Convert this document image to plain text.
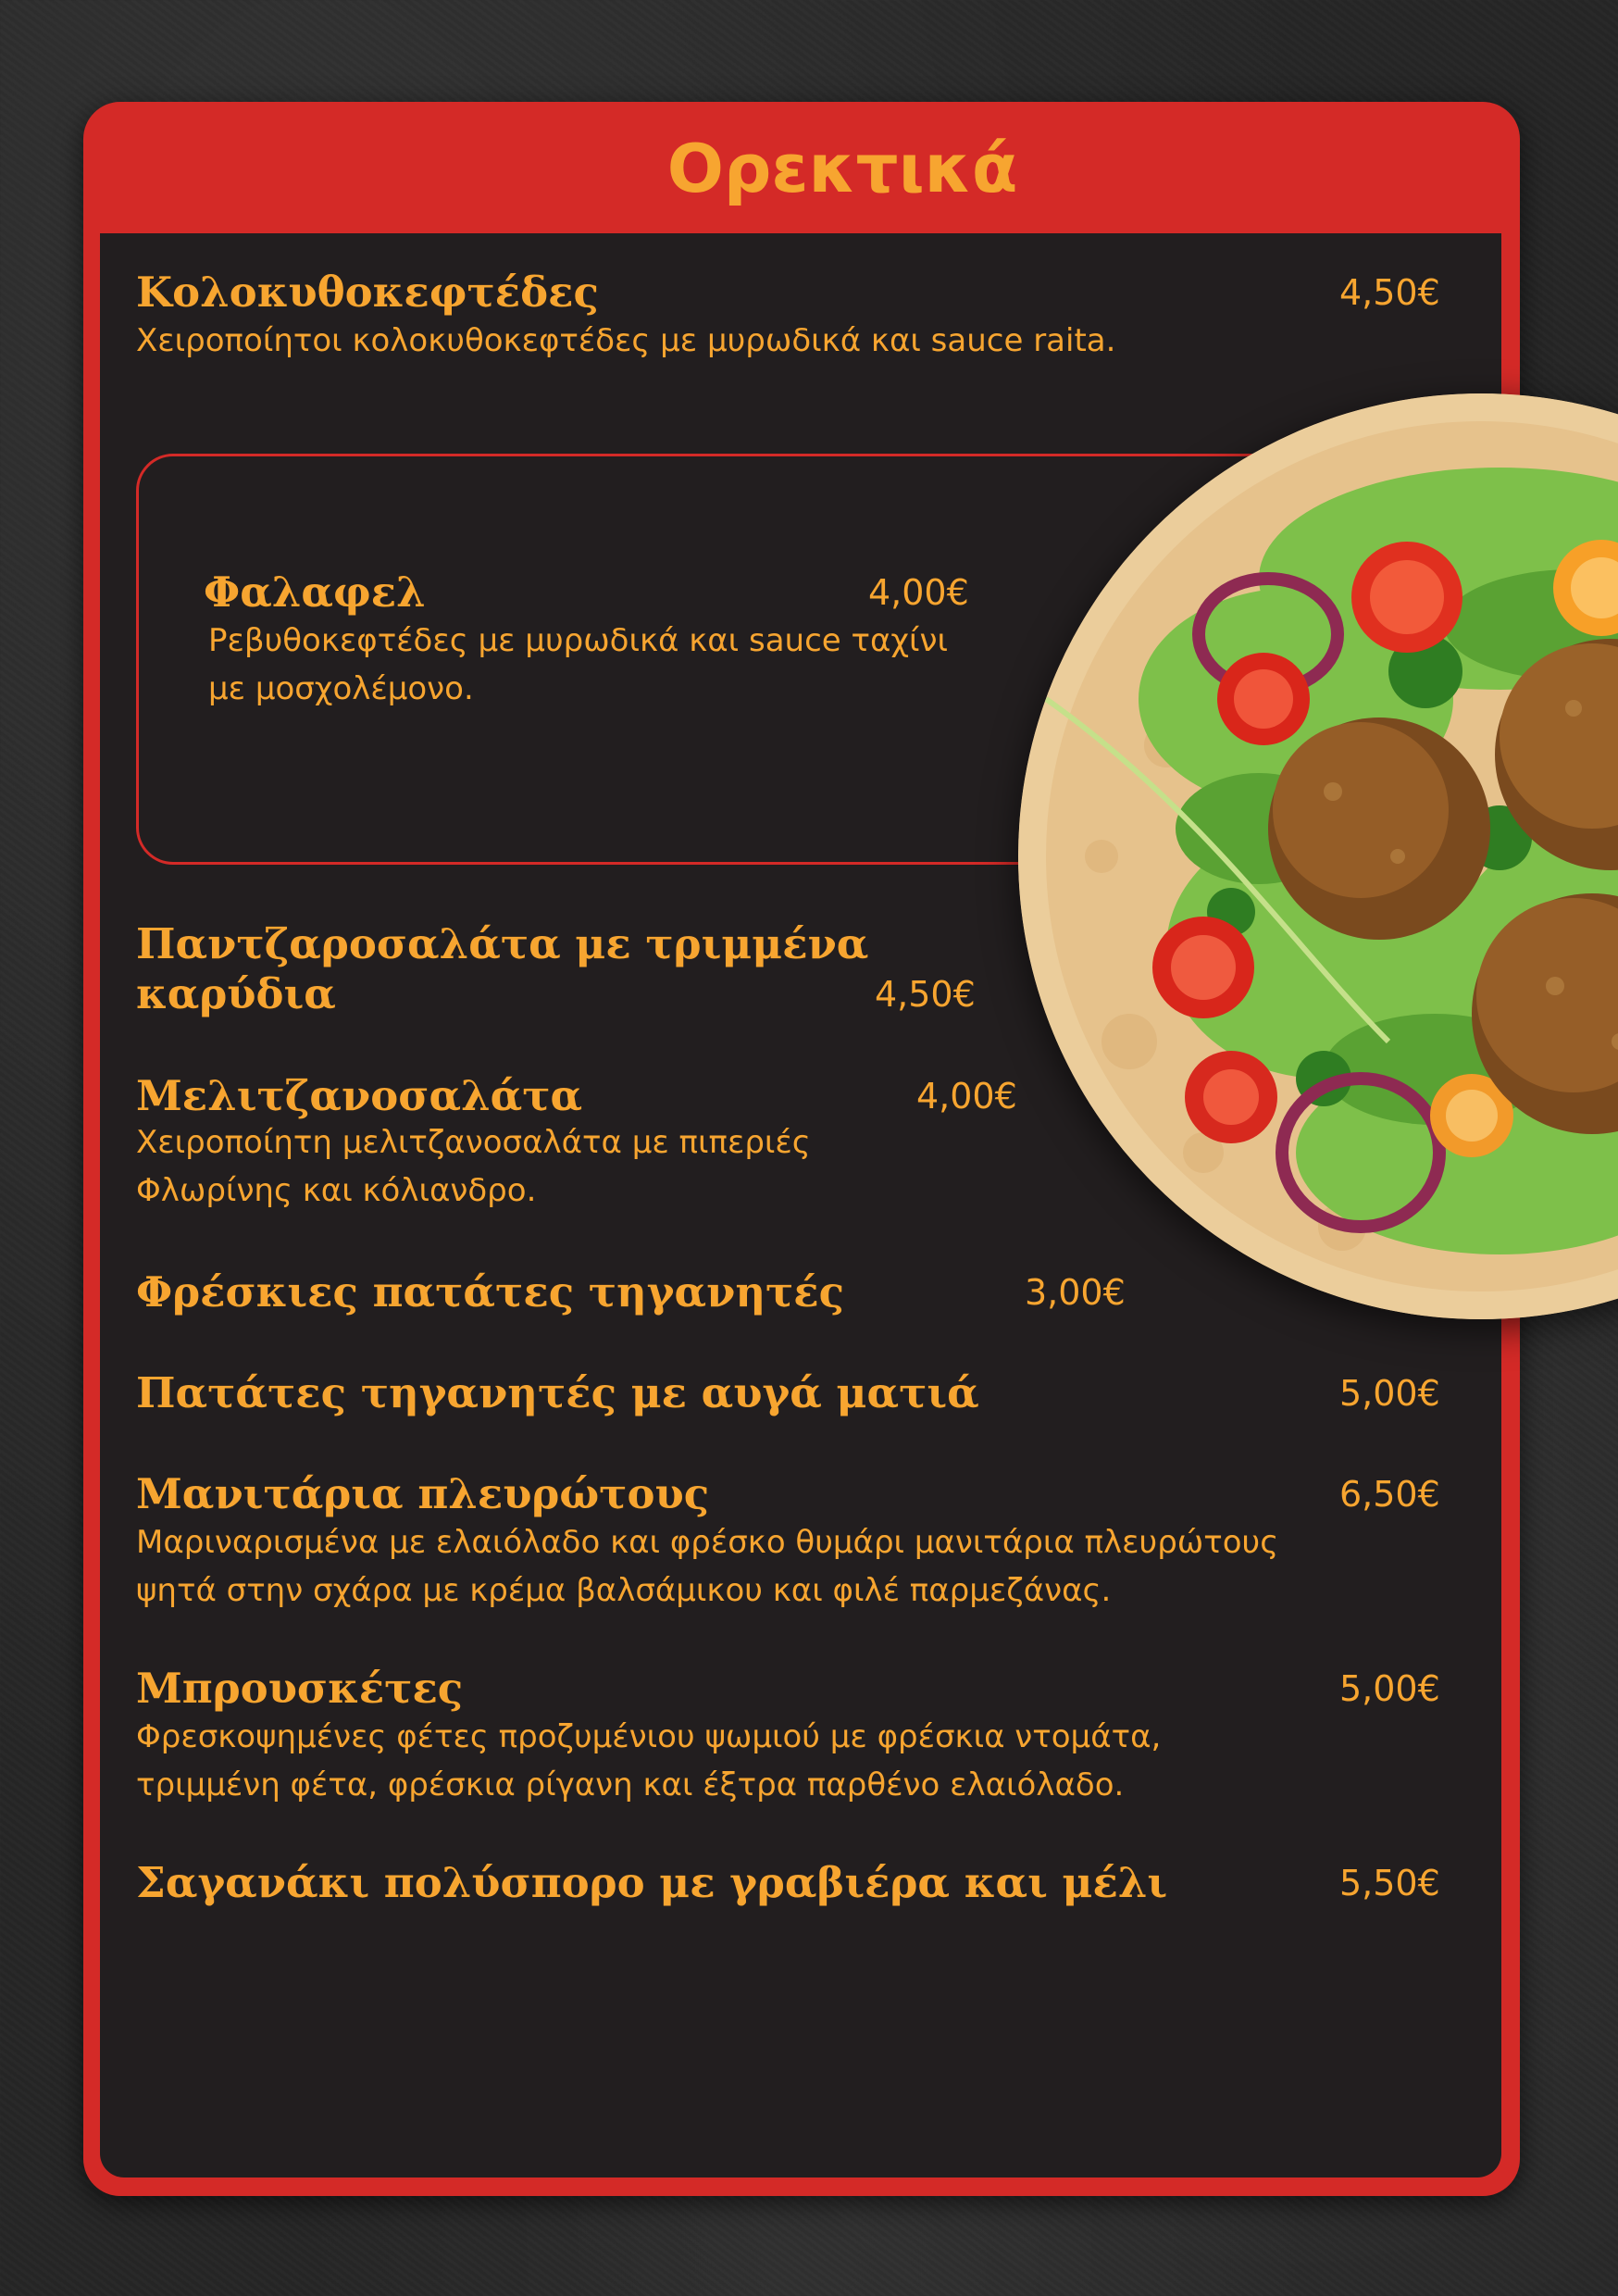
Ορεκτικά
Κολοκυθοκεφτέδες	4,50€
Χειροποίητοι κολοκυθοκεφτέδες με μυρωδικά και sauce raita.
Φαλαφελ	4,00€
Ρεβυθοκεφτέδες με μυρωδικά και sauce ταχίνι
με μοσχολέμονο.
Παντζαροσαλάτα με τριμμένα
καρύδια	4,50€
Μελιτζανοσαλάτα	4,00€
Χειροποίητη μελιτζανοσαλάτα με πιπεριές
Φλωρίνης και κόλιανδρο.
Φρέσκιες πατάτες τηγανητές	3,00€
Πατάτες τηγανητές με αυγά ματιά	5,00€
Μανιτάρια πλευρώτους	6,50€
Μαριναρισμένα με ελαιόλαδο και φρέσκο θυμάρι μανιτάρια πλευρώτους
ψητά στην σχάρα με κρέμα βαλσάμικου και φιλέ παρμεζάνας.
Μπρουσκέτες	5,00€
Φρεσκοψημένες φέτες προζυμένιου ψωμιού με φρέσκια ντομάτα,
τριμμένη φέτα, φρέσκια ρίγανη και έξτρα παρθένο ελαιόλαδο.
Σαγανάκι πολύσπορο με γραβιέρα και μέλι	5,50€
